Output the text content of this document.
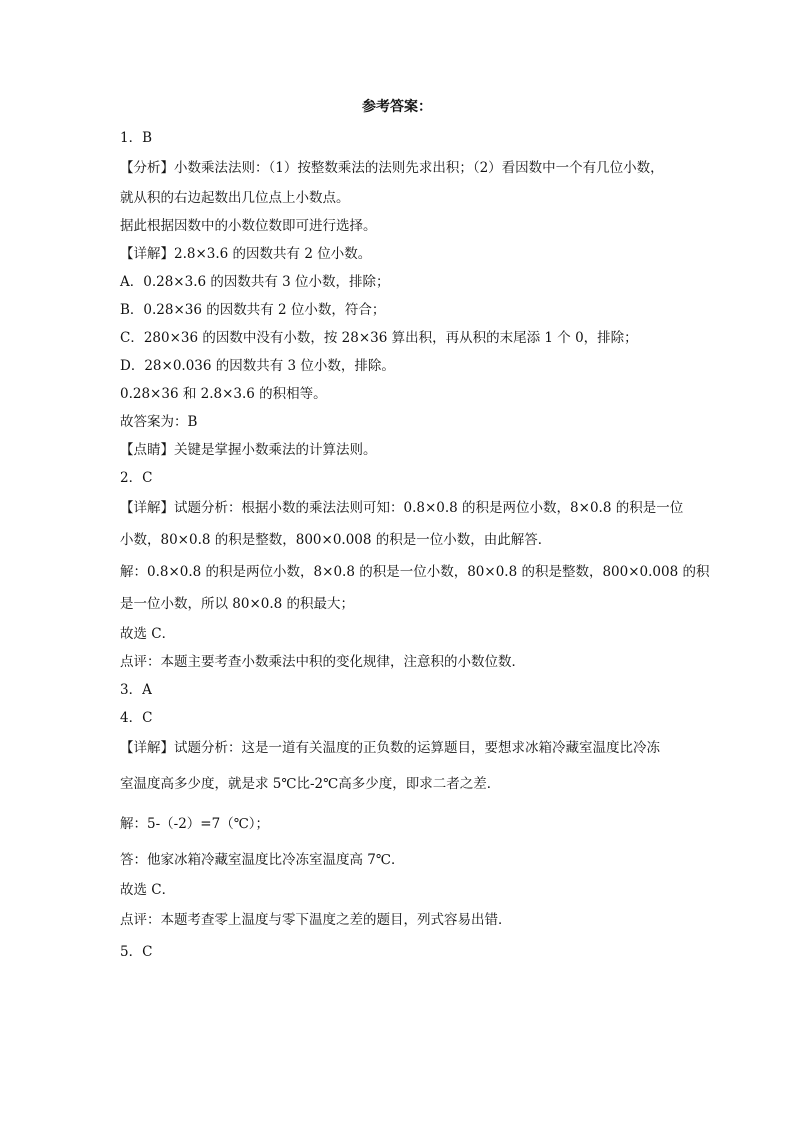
参考答案：

1．B

【分析】小数乘法法则：（1）按整数乘法的法则先求出积；（2）看因数中一个有几位小数，

就从积的右边起数出几位点上小数点。

据此根据因数中的小数位数即可进行选择。

【详解】2.8×3.6 的因数共有 2 位小数。

A．0.28×3.6 的因数共有 3 位小数，排除；

B．0.28×36 的因数共有 2 位小数，符合；

C．280×36 的因数中没有小数，按 28×36 算出积，再从积的末尾添 1 个 0，排除；

D．28×0.036 的因数共有 3 位小数，排除。

0.28×36 和 2.8×3.6 的积相等。

故答案为：B

【点睛】关键是掌握小数乘法的计算法则。

2．C

【详解】试题分析：根据小数的乘法法则可知：0.8×0.8 的积是两位小数，8×0.8 的积是一位

小数，80×0.8 的积是整数，800×0.008 的积是一位小数，由此解答．

解：0.8×0.8 的积是两位小数，8×0.8 的积是一位小数，80×0.8 的积是整数，800×0.008 的积

是一位小数，所以 80×0.8 的积最大；

故选 C．

点评：本题主要考查小数乘法中积的变化规律，注意积的小数位数．

3．A

4．C

【详解】试题分析：这是一道有关温度的正负数的运算题目，要想求冰箱冷藏室温度比冷冻

室温度高多少度，就是求 5℃比-2℃高多少度，即求二者之差．

解：5-（-2）=7（℃）；

答：他家冰箱冷藏室温度比冷冻室温度高 7℃．

故选 C．

点评：本题考查零上温度与零下温度之差的题目，列式容易出错．

5．C
